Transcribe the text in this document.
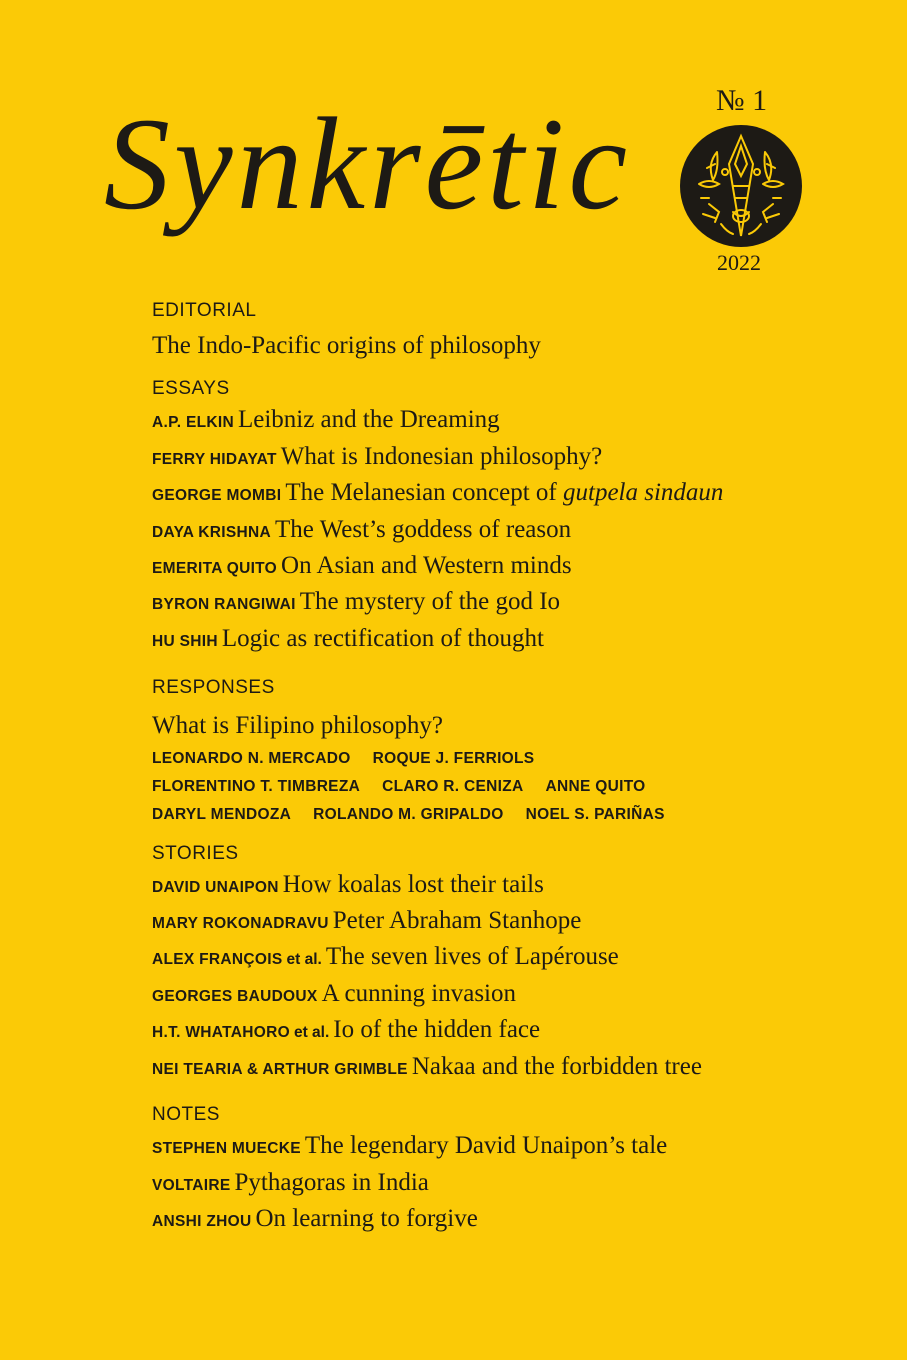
Synkrētic	№ 1
2022

EDITORIAL

The Indo-Pacific origins of philosophy

ESSAYS

A.P. ELKIN Leibniz and the Dreaming

FERRY HIDAYAT What is Indonesian philosophy?

GEORGE MOMBI The Melanesian concept of gutpela sindaun

DAYA KRISHNA The West’s goddess of reason

EMERITA QUITO On Asian and Western minds

BYRON RANGIWAI The mystery of the god Io

HU SHIH Logic as rectification of thought

RESPONSES

What is Filipino philosophy?

LEONARDO N. MERCADO ROQUE J. FERRIOLS
FLORENTINO T. TIMBREZA CLARO R. CENIZA ANNE QUITO
DARYL MENDOZA ROLANDO M. GRIPALDO NOEL S. PARIÑAS

STORIES

DAVID UNAIPON How koalas lost their tails

MARY ROKONADRAVU Peter Abraham Stanhope

ALEX FRANÇOIS et al. The seven lives of Lapérouse

GEORGES BAUDOUX A cunning invasion

H.T. WHATAHORO et al. Io of the hidden face

NEI TEARIA & ARTHUR GRIMBLE Nakaa and the forbidden tree

NOTES

STEPHEN MUECKE The legendary David Unaipon’s tale

VOLTAIRE Pythagoras in India

ANSHI ZHOU On learning to forgive
